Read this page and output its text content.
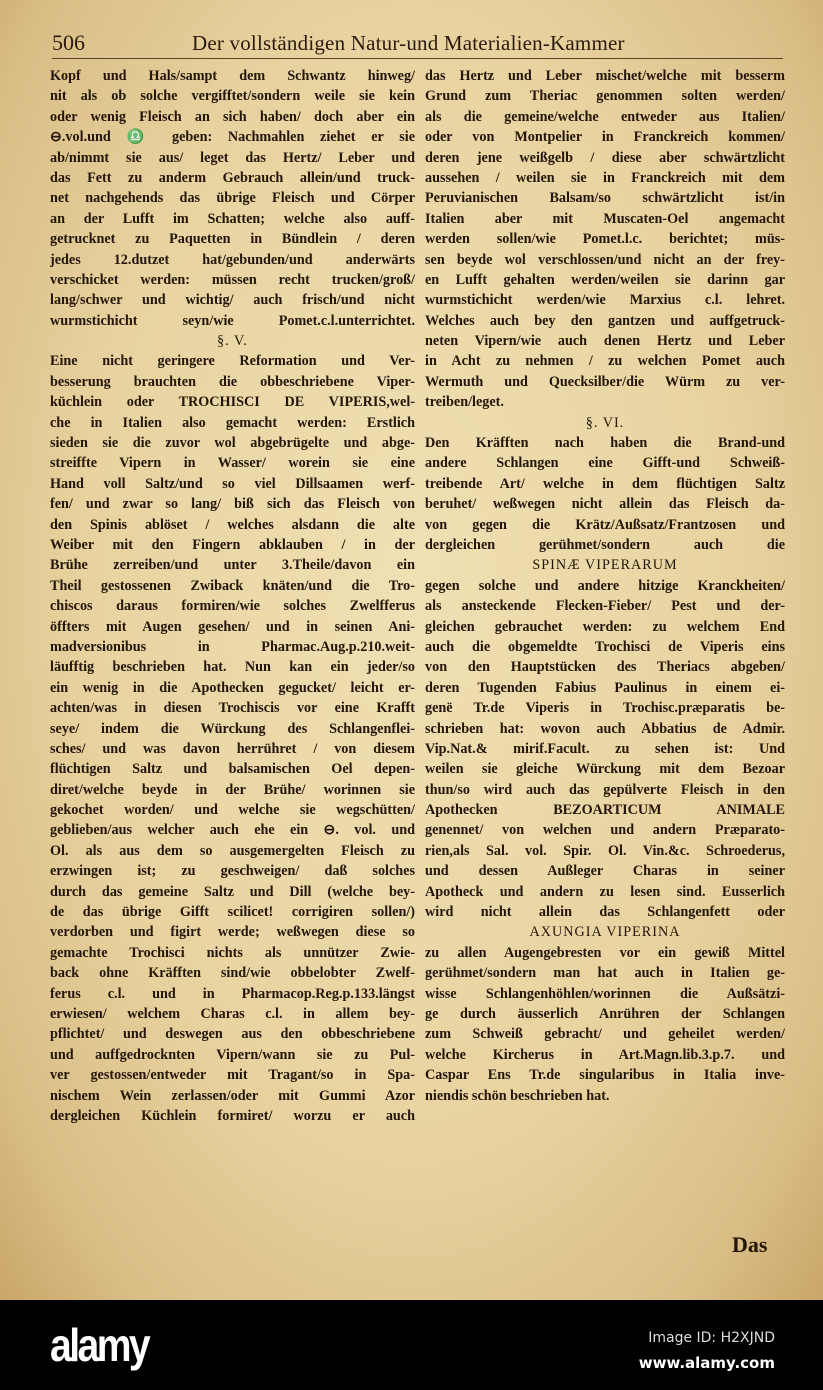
506	Der vollständigen Natur-und Materialien-Kammer
Kopf und Hals/sampt dem Schwantz hinweg/
nit als ob solche vergifftet/sondern weile sie kein
oder wenig Fleisch an sich haben/ doch aber ein
⊖.vol.und ♎ geben: Nachmahlen ziehet er sie
ab/nimmt sie aus/ leget das Hertz/ Leber und
das Fett zu anderm Gebrauch allein/und truck-
net nachgehends das übrige Fleisch und Cörper
an der Lufft im Schatten; welche also auff-
getrucknet zu Paquetten in Bündlein / deren
jedes 12.dutzet hat/gebunden/und anderwärts
verschicket werden: müssen recht trucken/groß/
lang/schwer und wichtig/ auch frisch/und nicht
wurmstichicht seyn/wie Pomet.c.l.unterrichtet.
§. V.
Eine nicht geringere Reformation und Ver-
besserung brauchten die obbeschriebene Viper-
küchlein oder TROCHISCI DE VIPERIS,wel-
che in Italien also gemacht werden: Erstlich
sieden sie die zuvor wol abgebrügelte und abge-
streiffte Vipern in Wasser/ worein sie eine
Hand voll Saltz/und so viel Dillsaamen werf-
fen/ und zwar so lang/ biß sich das Fleisch von
den Spinis ablöset / welches alsdann die alte
Weiber mit den Fingern abklauben / in der
Brühe zerreiben/und unter 3.Theile/davon ein
Theil gestossenen Zwiback knäten/und die Tro-
chiscos daraus formiren/wie solches Zwelfferus
öffters mit Augen gesehen/ und in seinen Ani-
madversionibus in Pharmac.Aug.p.210.weit-
läufftig beschrieben hat. Nun kan ein jeder/so
ein wenig in die Apothecken gegucket/ leicht er-
achten/was in diesen Trochiscis vor eine Krafft
seye/ indem die Würckung des Schlangenflei-
sches/ und was davon herrühret / von diesem
flüchtigen Saltz und balsamischen Oel depen-
diret/welche beyde in der Brühe/ worinnen sie
gekochet worden/ und welche sie wegschütten/
geblieben/aus welcher auch ehe ein ⊖. vol. und
Ol. als aus dem so ausgemergelten Fleisch zu
erzwingen ist; zu geschweigen/ daß solches
durch das gemeine Saltz und Dill (welche bey-
de das übrige Gifft scilicet! corrigiren sollen/)
verdorben und figirt werde; weßwegen diese so
gemachte Trochisci nichts als unnützer Zwie-
back ohne Kräfften sind/wie obbelobter Zwelf-
ferus c.l. und in Pharmacop.Reg.p.133.längst
erwiesen/ welchem Charas c.l. in allem bey-
pflichtet/ und deswegen aus den obbeschriebene
und auffgedrocknten Vipern/wann sie zu Pul-
ver gestossen/entweder mit Tragant/so in Spa-
nischem Wein zerlassen/oder mit Gummi Azor
dergleichen Küchlein formiret/ worzu er auch
das Hertz und Leber mischet/welche mit besserm
Grund zum Theriac genommen solten werden/
als die gemeine/welche entweder aus Italien/
oder von Montpelier in Franckreich kommen/
deren jene weißgelb / diese aber schwärtzlicht
aussehen / weilen sie in Franckreich mit dem
Peruvianischen Balsam/so schwärtzlicht ist/in
Italien aber mit Muscaten-Oel angemacht
werden sollen/wie Pomet.l.c. berichtet; müs-
sen beyde wol verschlossen/und nicht an der frey-
en Lufft gehalten werden/weilen sie darinn gar
wurmstichicht werden/wie Marxius c.l. lehret.
Welches auch bey den gantzen und auffgetruck-
neten Vipern/wie auch denen Hertz und Leber
in Acht zu nehmen / zu welchen Pomet auch
Wermuth und Quecksilber/die Würm zu ver-
treiben/leget.
§. VI.
Den Kräfften nach haben die Brand-und
andere Schlangen eine Gifft-und Schweiß-
treibende Art/ welche in dem flüchtigen Saltz
beruhet/ weßwegen nicht allein das Fleisch da-
von gegen die Krätz/Außsatz/Frantzosen und
dergleichen gerühmet/sondern auch die
SPINÆ VIPERARUM
gegen solche und andere hitzige Kranckheiten/
als ansteckende Flecken-Fieber/ Pest und der-
gleichen gebrauchet werden: zu welchem End
auch die obgemeldte Trochisci de Viperis eins
von den Hauptstücken des Theriacs abgeben/
deren Tugenden Fabius Paulinus in einem ei-
genë Tr.de Viperis in Trochisc.præparatis be-
schrieben hat: wovon auch Abbatius de Admir.
Vip.Nat.& mirif.Facult. zu sehen ist: Und
weilen sie gleiche Würckung mit dem Bezoar
thun/so wird auch das gepülverte Fleisch in den
Apothecken BEZOARTICUM ANIMALE
genennet/ von welchen und andern Præparato-
rien,als Sal. vol. Spir. Ol. Vin.&c. Schroederus,
und dessen Außleger Charas in seiner
Apotheck und andern zu lesen sind. Eusserlich
wird nicht allein das Schlangenfett oder
AXUNGIA VIPERINA
zu allen Augengebresten vor ein gewiß Mittel
gerühmet/sondern man hat auch in Italien ge-
wisse Schlangenhöhlen/worinnen die Außsätzi-
ge durch äusserlich Anrühren der Schlangen
zum Schweiß gebracht/ und geheilet werden/
welche Kircherus in Art.Magn.lib.3.p.7. und
Caspar Ens Tr.de singularibus in Italia inve-
niendis schön beschrieben hat.
Das
alamy	Image ID: H2XJND
www.alamy.com
